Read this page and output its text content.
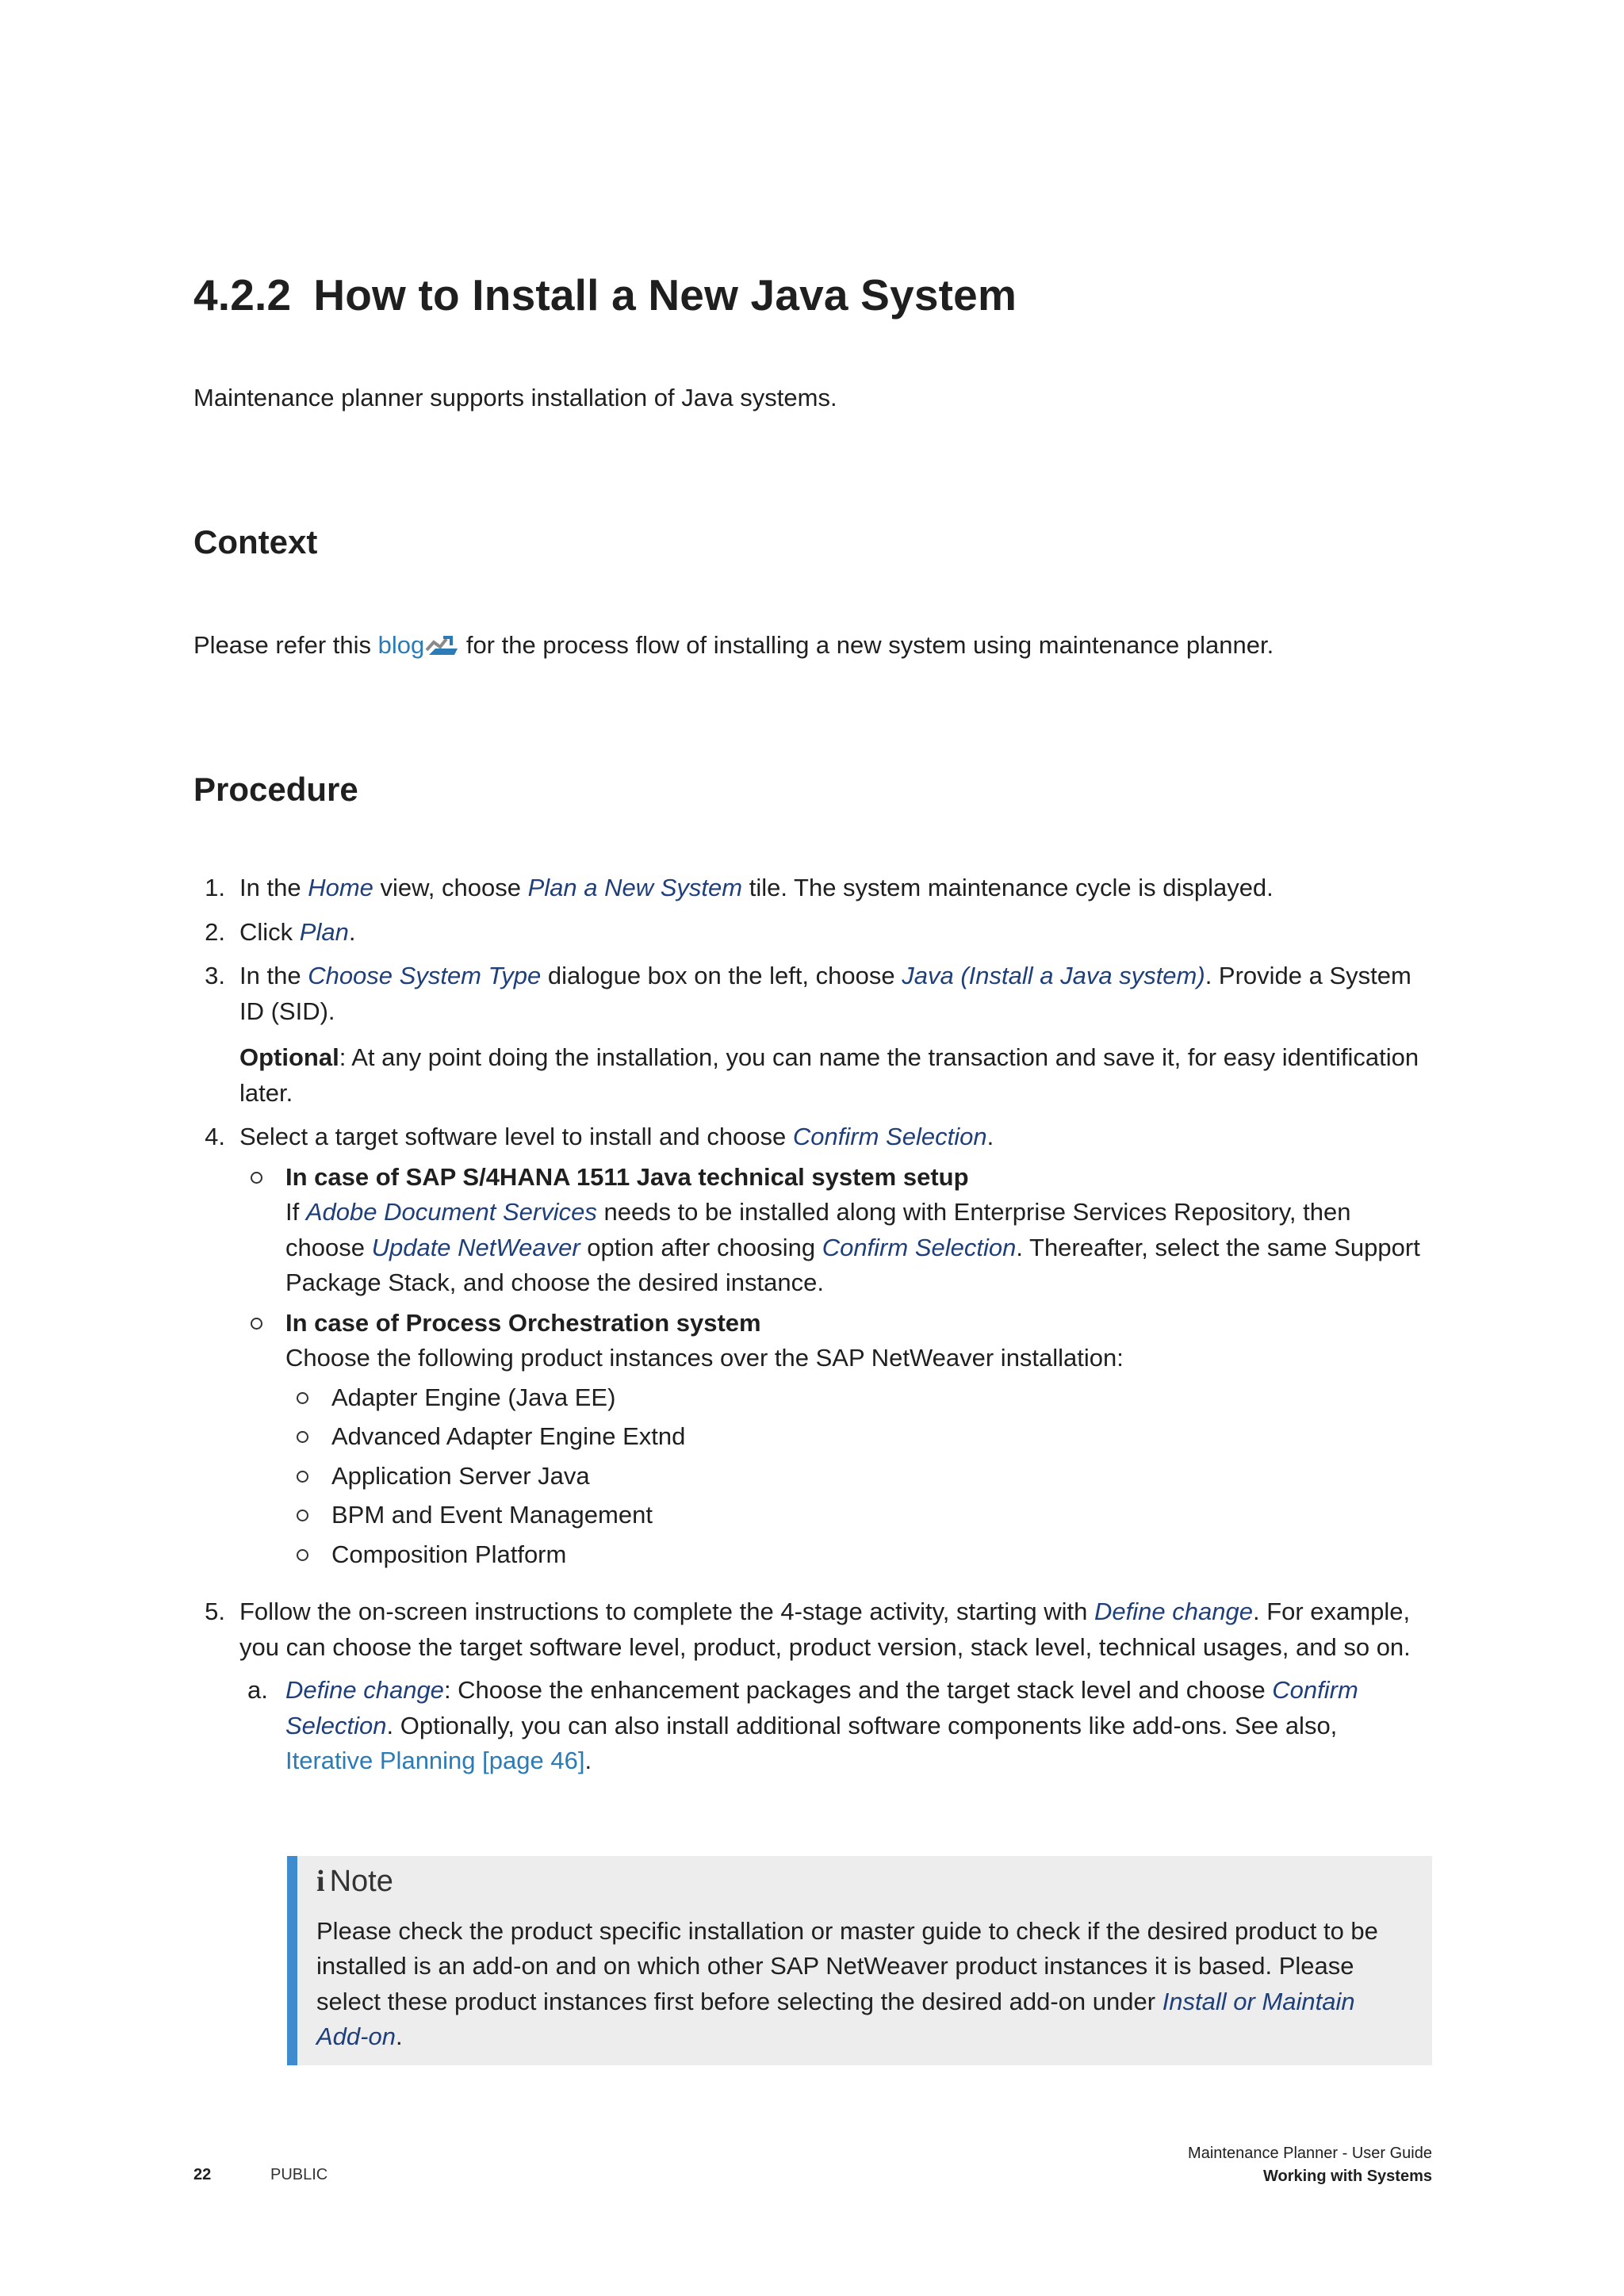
4.2.2 How to Install a New Java System

Maintenance planner supports installation of Java systems.

Context

Please refer this blog for the process flow of installing a new system using maintenance planner.

Procedure
1. In the Home view, choose Plan a New System tile. The system maintenance cycle is displayed.

2. Click Plan.

3. In the Choose System Type dialogue box on the left, choose Java (Install a Java system). Provide a System ID (SID).

Optional: At any point doing the installation, you can name the transaction and save it, for easy identification later.

4. Select a target software level to install and choose Confirm Selection.

In case of SAP S/4HANA 1511 Java technical system setup
If Adobe Document Services needs to be installed along with Enterprise Services Repository, then choose Update NetWeaver option after choosing Confirm Selection. Thereafter, select the same Support Package Stack, and choose the desired instance.
In case of Process Orchestration system
Choose the following product instances over the SAP NetWeaver installation:
Adapter Engine (Java EE)
Advanced Adapter Engine Extnd
Application Server Java
BPM and Event Management
Composition Platform
5. Follow the on-screen instructions to complete the 4-stage activity, starting with Define change. For example, you can choose the target software level, product, product version, stack level, technical usages, and so on.

a. Define change: Choose the enhancement packages and the target stack level and choose Confirm Selection. Optionally, you can also install additional software components like add-ons. See also, Iterative Planning [page 46].
i Note

Please check the product specific installation or master guide to check if the desired product to be installed is an add-on and on which other SAP NetWeaver product instances it is based. Please select these product instances first before selecting the desired add-on under Install or Maintain Add-on.

22	PUBLIC
Maintenance Planner - User Guide
Working with Systems
